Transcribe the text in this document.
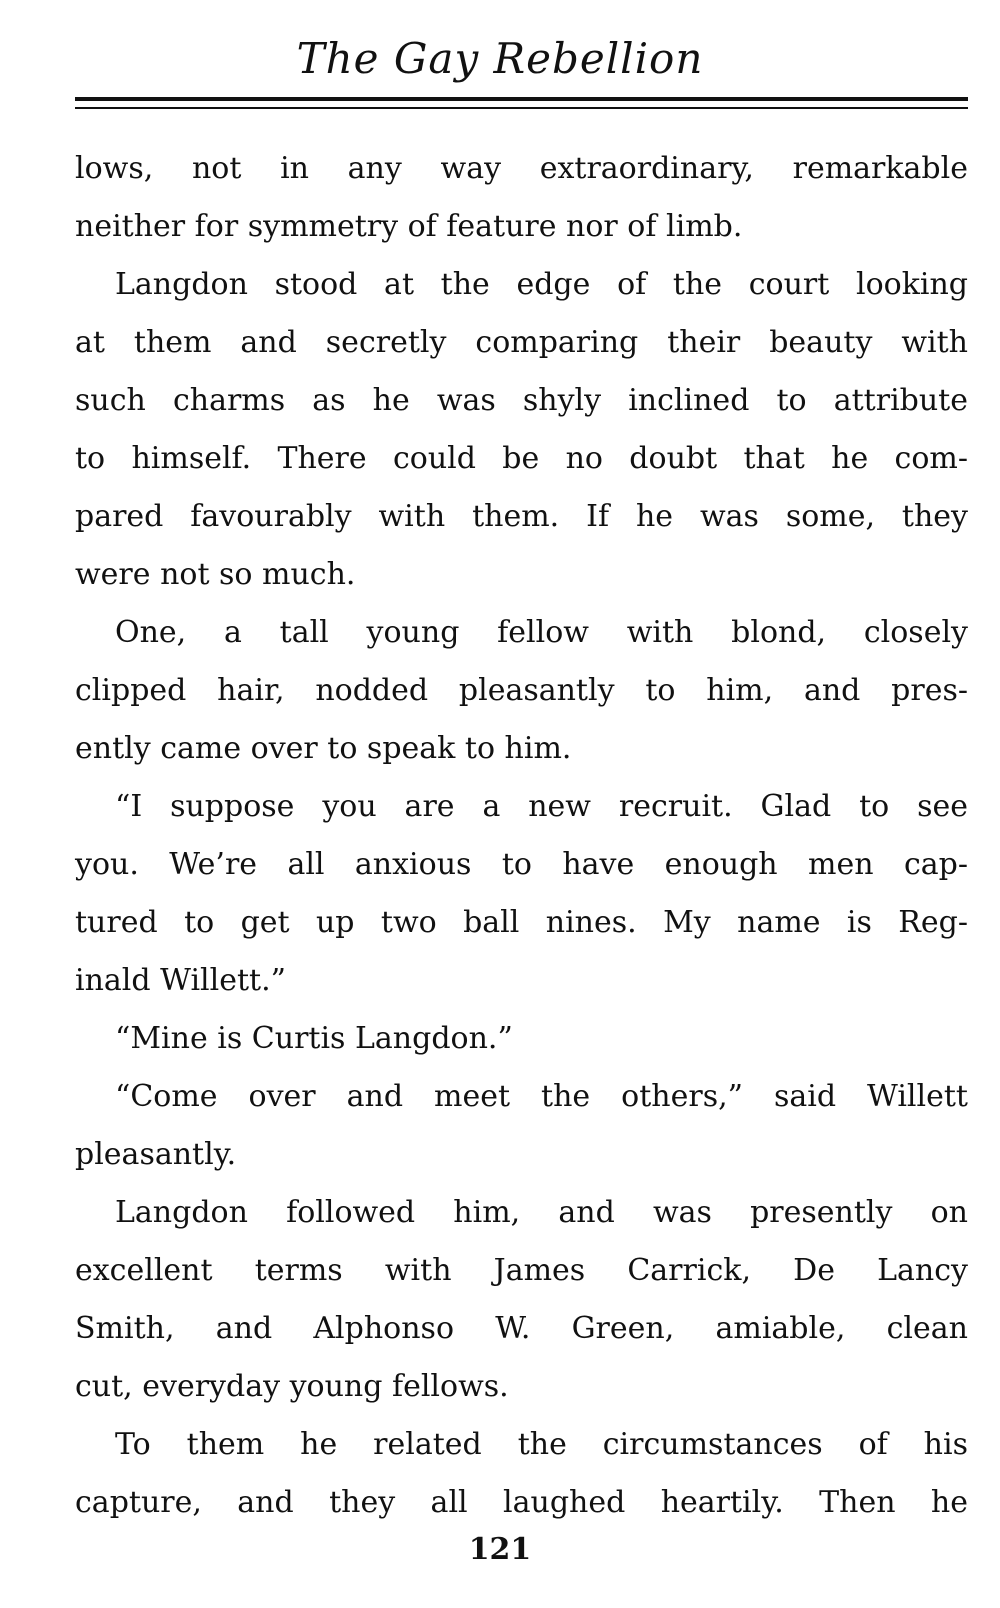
The Gay Rebellion
lows, not in any way extraordinary, remarkable
neither for symmetry of feature nor of limb.
Langdon stood at the edge of the court looking
at them and secretly comparing their beauty with
such charms as he was shyly inclined to attribute
to himself. There could be no doubt that he com-
pared favourably with them. If he was some, they
were not so much.
One, a tall young fellow with blond, closely
clipped hair, nodded pleasantly to him, and pres-
ently came over to speak to him.
“I suppose you are a new recruit. Glad to see
you. We’re all anxious to have enough men cap-
tured to get up two ball nines. My name is Reg-
inald Willett.”
“Mine is Curtis Langdon.”
“Come over and meet the others,” said Willett
pleasantly.
Langdon followed him, and was presently on
excellent terms with James Carrick, De Lancy
Smith, and Alphonso W. Green, amiable, clean
cut, everyday young fellows.
To them he related the circumstances of his
capture, and they all laughed heartily. Then he
121
